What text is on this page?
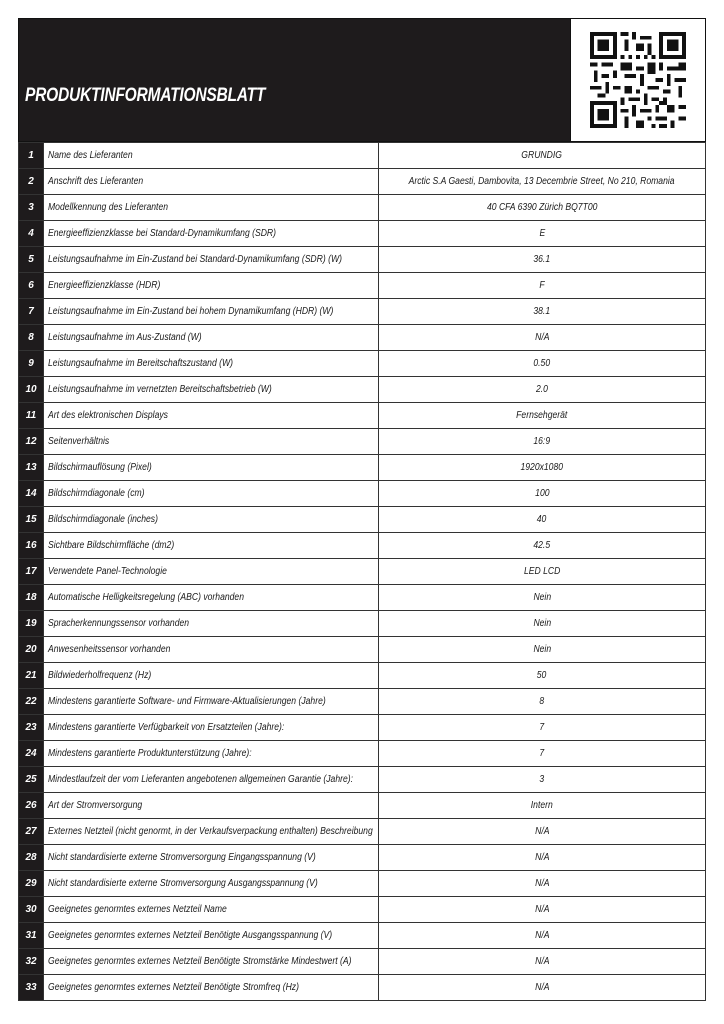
PRODUKTINFORMATIONSBLATT
1	Name des Lieferanten	GRUNDIG
2	Anschrift des Lieferanten	Arctic S.A Gaesti, Dambovita, 13 Decembrie Street, No 210, Romania
3	Modellkennung des Lieferanten	40 CFA 6390 Zürich BQ7T00
4	Energieeffizienzklasse bei Standard-Dynamikumfang (SDR)	E
5	Leistungsaufnahme im Ein-Zustand bei Standard-Dynamikumfang (SDR) (W)	36.1
6	Energieeffizienzklasse (HDR)	F
7	Leistungsaufnahme im Ein-Zustand bei hohem Dynamikumfang (HDR) (W)	38.1
8	Leistungsaufnahme im Aus-Zustand (W)	N/A
9	Leistungsaufnahme im Bereitschaftszustand (W)	0.50
10	Leistungsaufnahme im vernetzten Bereitschaftsbetrieb (W)	2.0
11	Art des elektronischen Displays	Fernsehgerät
12	Seitenverhältnis	16:9
13	Bildschirmauflösung (Pixel)	1920x1080
14	Bildschirmdiagonale (cm)	100
15	Bildschirmdiagonale (inches)	40
16	Sichtbare Bildschirmfläche (dm2)	42.5
17	Verwendete Panel-Technologie	LED LCD
18	Automatische Helligkeitsregelung (ABC) vorhanden	Nein
19	Spracherkennungssensor vorhanden	Nein
20	Anwesenheitssensor vorhanden	Nein
21	Bildwiederholfrequenz (Hz)	50
22	Mindestens garantierte Software- und Firmware-Aktualisierungen (Jahre)	8
23	Mindestens garantierte Verfügbarkeit von Ersatzteilen (Jahre):	7
24	Mindestens garantierte Produktunterstützung (Jahre):	7
25	Mindestlaufzeit der vom Lieferanten angebotenen allgemeinen Garantie (Jahre):	3
26	Art der Stromversorgung	Intern
27	Externes Netzteil (nicht genormt, in der Verkaufsverpackung enthalten) Beschreibung	N/A
28	Nicht standardisierte externe Stromversorgung Eingangsspannung (V)	N/A
29	Nicht standardisierte externe Stromversorgung Ausgangsspannung (V)	N/A
30	Geeignetes genormtes externes Netzteil Name	N/A
31	Geeignetes genormtes externes Netzteil Benötigte Ausgangsspannung (V)	N/A
32	Geeignetes genormtes externes Netzteil Benötigte Stromstärke Mindestwert (A)	N/A
33	Geeignetes genormtes externes Netzteil Benötigte Stromfreq (Hz)	N/A
